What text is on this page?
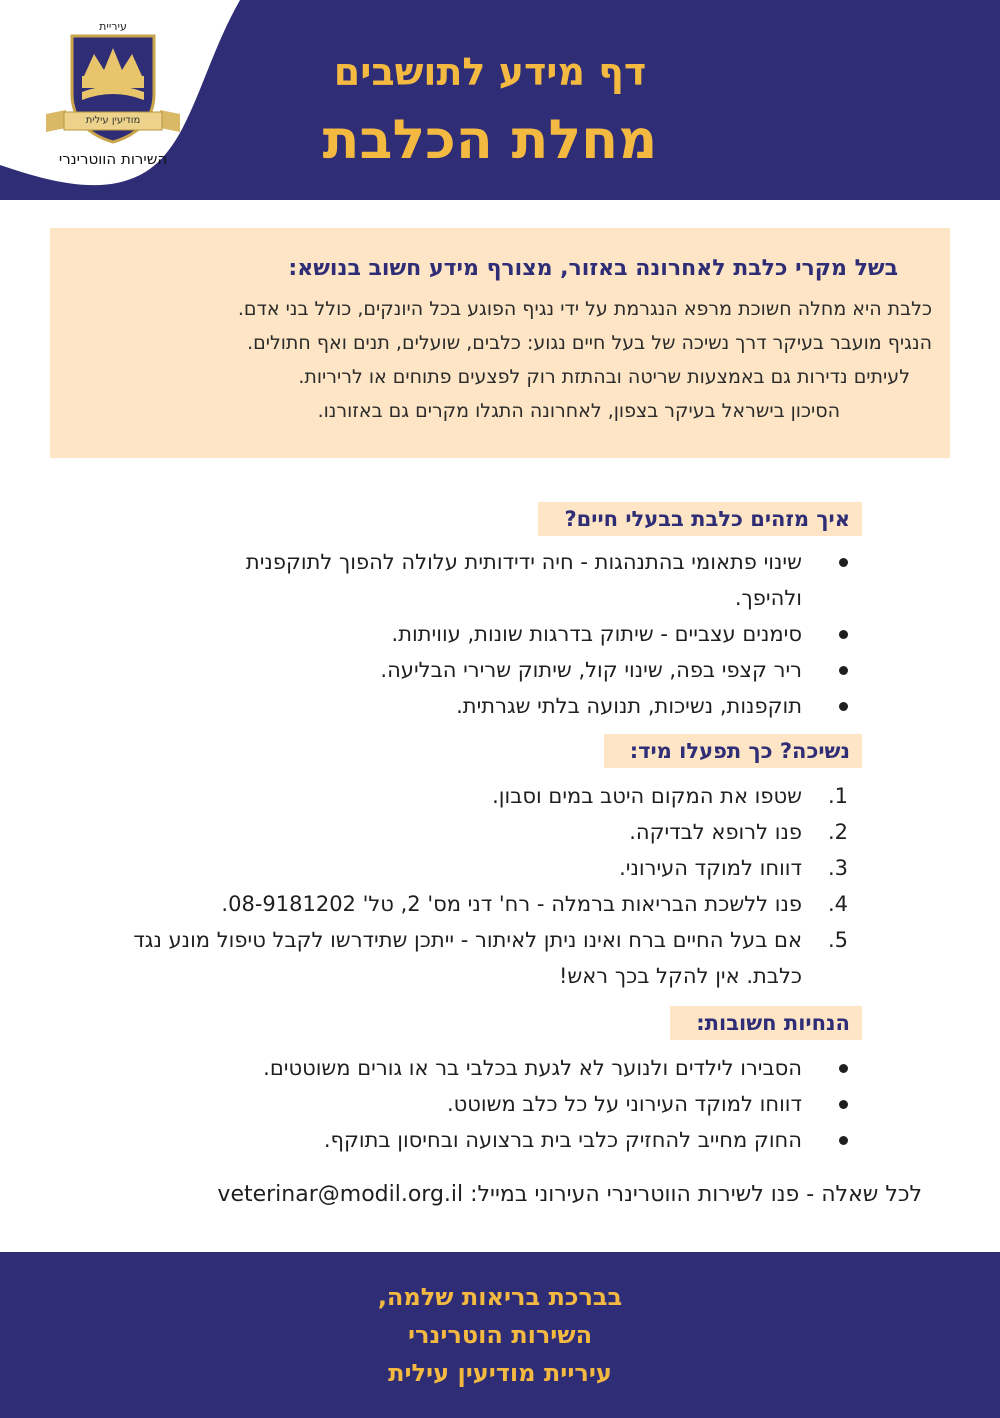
עיריית
מודיעין עילית
השירות הווטרינרי
דף מידע לתושבים
מחלת הכלבת
בשל מקרי כלבת לאחרונה באזור, מצורף מידע חשוב בנושא:
כלבת היא מחלה חשוכת מרפא הנגרמת על ידי נגיף הפוגע בכל היונקים, כולל בני אדם.
הנגיף מועבר בעיקר דרך נשיכה של בעל חיים נגוע: כלבים, שועלים, תנים ואף חתולים.
לעיתים נדירות גם באמצעות שריטה ובהתזת רוק לפצעים פתוחים או לריריות.
הסיכון בישראל בעיקר בצפון, לאחרונה התגלו מקרים גם באזורנו.
איך מזהים כלבת בבעלי חיים?
שינוי פתאומי בהתנהגות - חיה ידידותית עלולה להפוך לתוקפנית ולהיפך.
סימנים עצביים - שיתוק בדרגות שונות, עוויתות.
ריר קצפי בפה, שינוי קול, שיתוק שרירי הבליעה.
תוקפנות, נשיכות, תנועה בלתי שגרתית.
נשיכה? כך תפעלו מיד:
1.
שטפו את המקום היטב במים וסבון.
2.
פנו לרופא לבדיקה.
3.
דווחו למוקד העירוני.
4.
פנו ללשכת הבריאות ברמלה - רח' דני מס' 2, טל' 08-9181202.
5.
אם בעל החיים ברח ואינו ניתן לאיתור - ייתכן שתידרשו לקבל טיפול מונע נגד כלבת. אין להקל בכך ראש!
הנחיות חשובות:
הסבירו לילדים ולנוער לא לגעת בכלבי בר או גורים משוטטים.
דווחו למוקד העירוני על כל כלב משוטט.
החוק מחייב להחזיק כלבי בית ברצועה ובחיסון בתוקף.
לכל שאלה - פנו לשירות הווטרינרי העירוני במייל: veterinar@modil.org.il
בברכת בריאות שלמה,
השירות הוטרינרי
עיריית מודיעין עילית
